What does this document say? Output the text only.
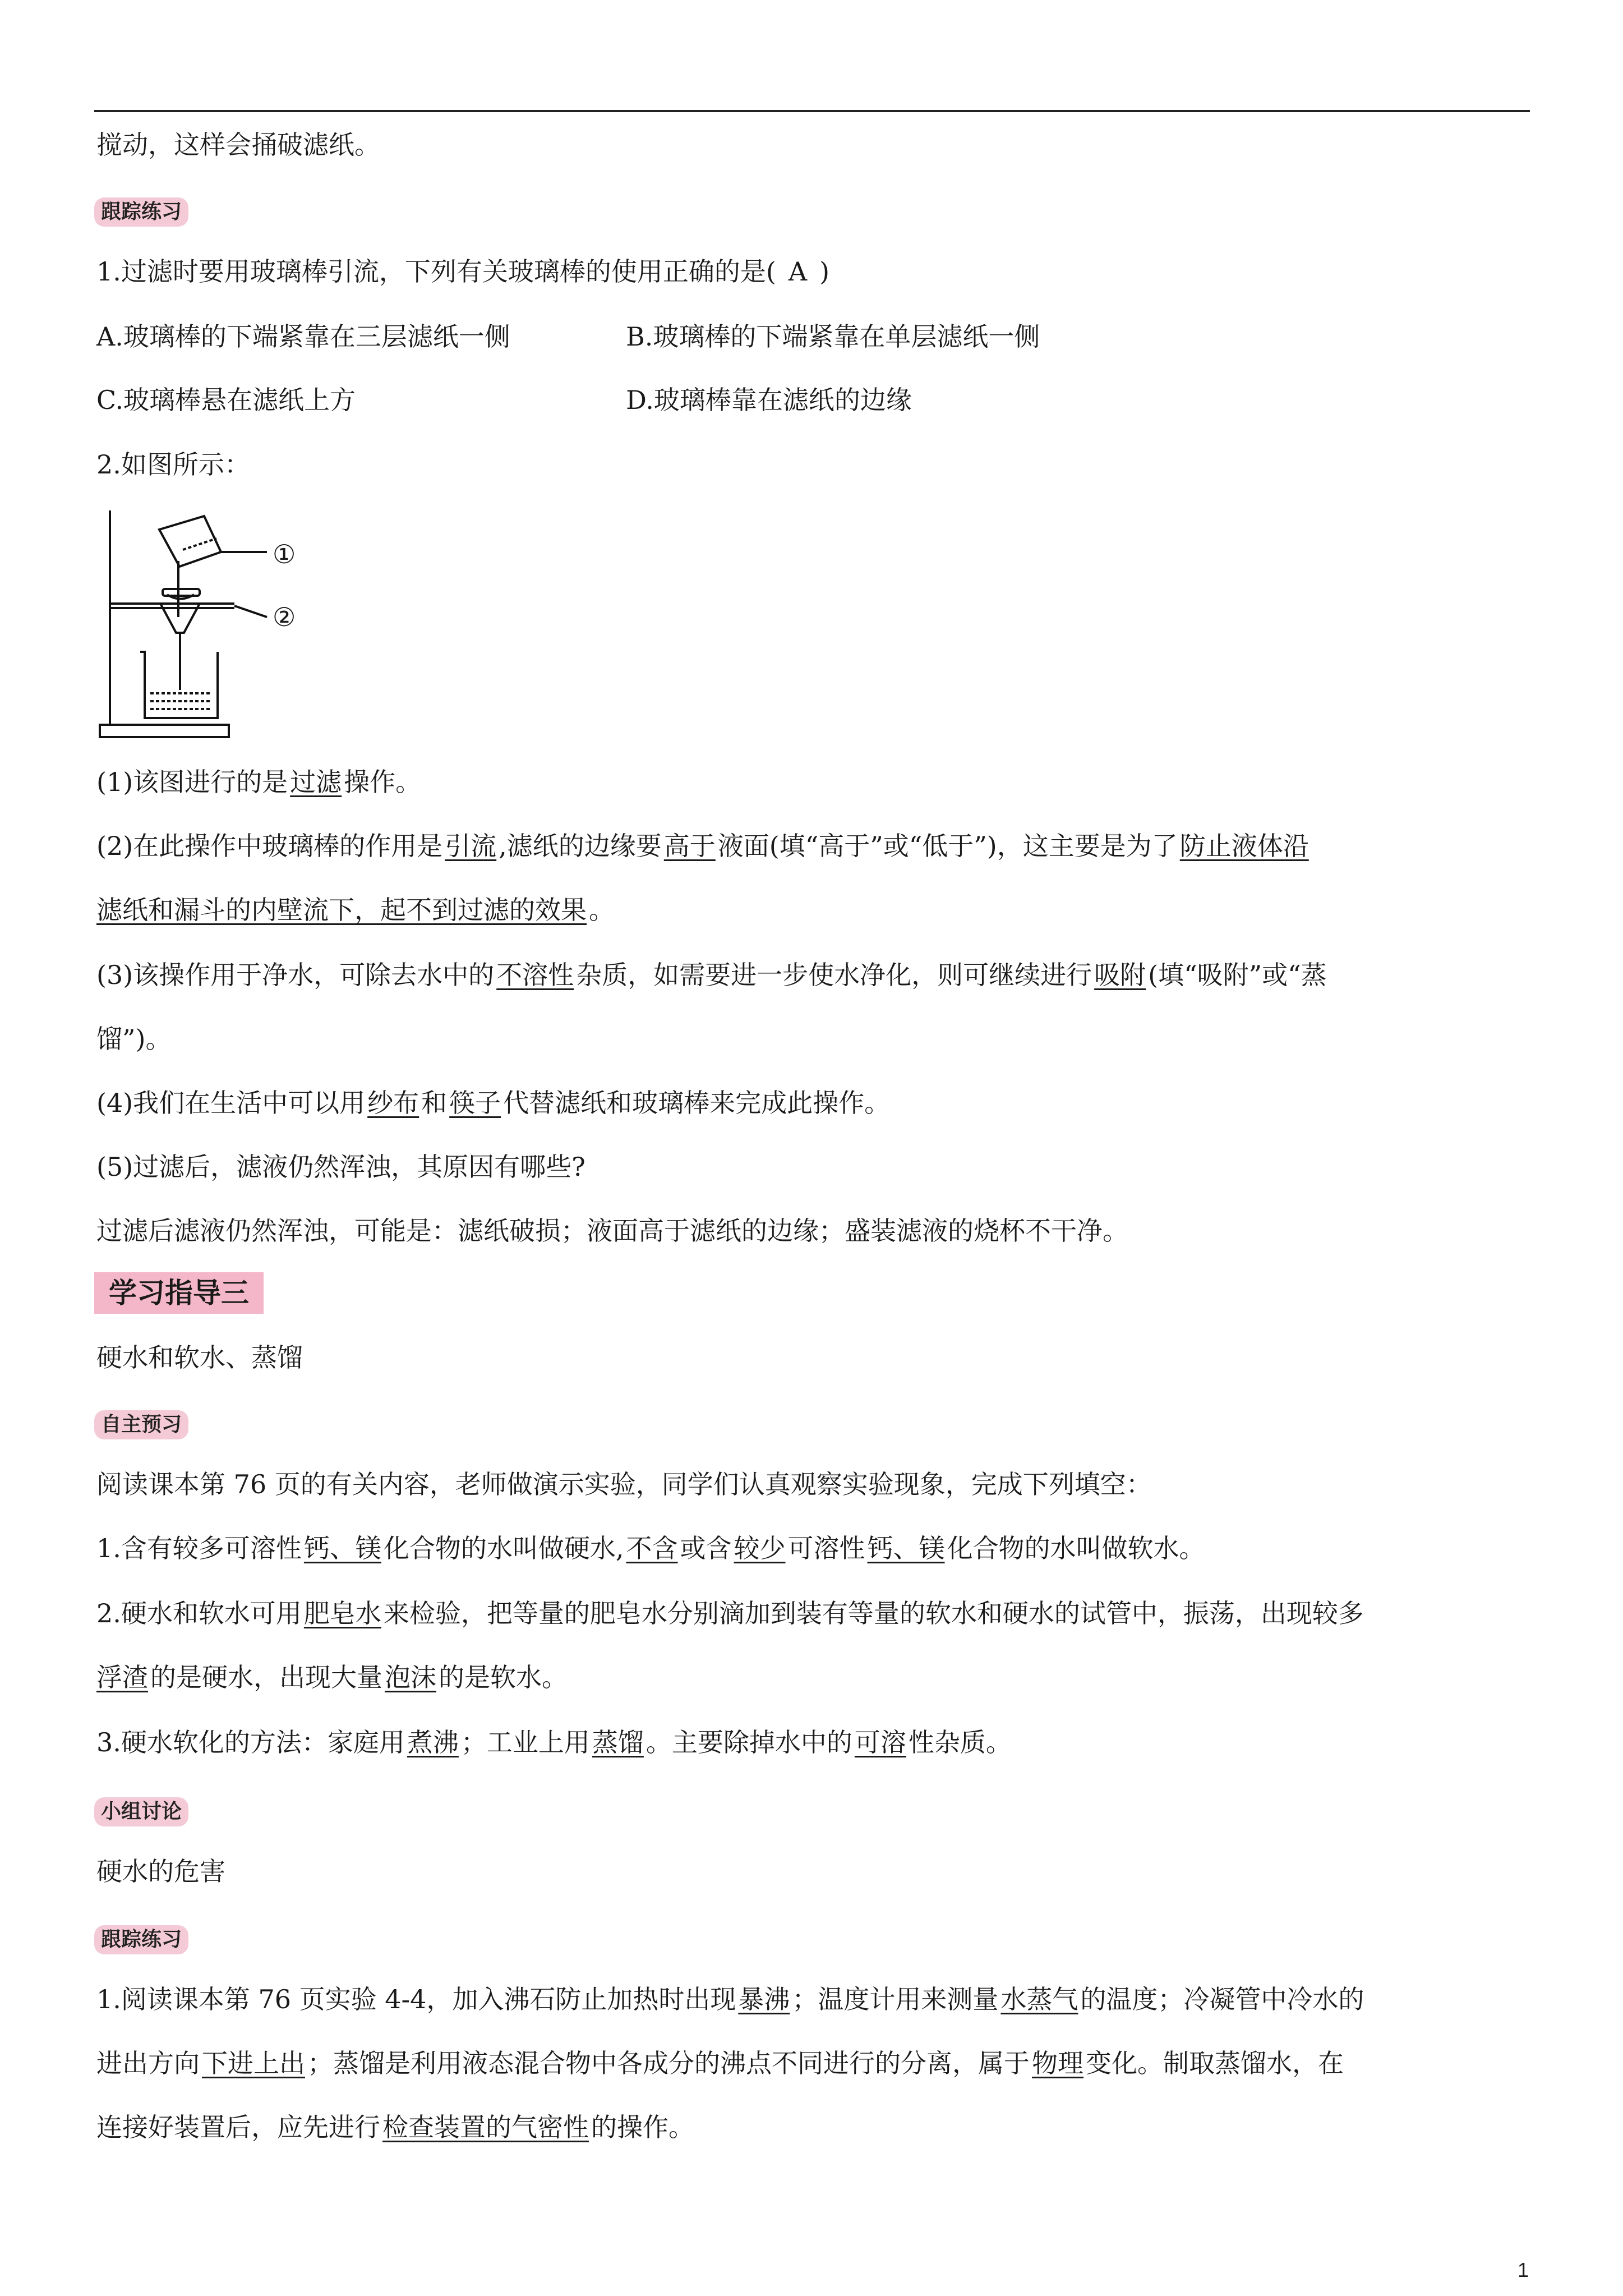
搅动，这样会捅破滤纸。
跟踪练习
1.过滤时要用玻璃棒引流，下列有关玻璃棒的使用正确的是( A )
A.玻璃棒的下端紧靠在三层滤纸一侧	B.玻璃棒的下端紧靠在单层滤纸一侧
C.玻璃棒悬在滤纸上方	D.玻璃棒靠在滤纸的边缘
2.如图所示：
①
②
(1)该图进行的是过滤操作。
(2)在此操作中玻璃棒的作用是引流,滤纸的边缘要高于液面(填“高于”或“低于”)，这主要是为了防止液体沿
滤纸和漏斗的内壁流下，起不到过滤的效果。
(3)该操作用于净水，可除去水中的不溶性杂质，如需要进一步使水净化，则可继续进行吸附(填“吸附”或“蒸
馏”)。
(4)我们在生活中可以用纱布和筷子代替滤纸和玻璃棒来完成此操作。
(5)过滤后，滤液仍然浑浊，其原因有哪些?
过滤后滤液仍然浑浊，可能是：滤纸破损；液面高于滤纸的边缘；盛装滤液的烧杯不干净。
学习指导三
硬水和软水、蒸馏
自主预习
阅读课本第 76 页的有关内容，老师做演示实验，同学们认真观察实验现象，完成下列填空：
1.含有较多可溶性钙、镁化合物的水叫做硬水,不含或含较少可溶性钙、镁化合物的水叫做软水。
2.硬水和软水可用肥皂水来检验，把等量的肥皂水分别滴加到装有等量的软水和硬水的试管中，振荡，出现较多
浮渣的是硬水，出现大量泡沫的是软水。
3.硬水软化的方法：家庭用煮沸；工业上用蒸馏。主要除掉水中的可溶性杂质。
小组讨论
硬水的危害
跟踪练习
1.阅读课本第 76 页实验 4-4，加入沸石防止加热时出现暴沸；温度计用来测量水蒸气的温度；冷凝管中冷水的
进出方向下进上出；蒸馏是利用液态混合物中各成分的沸点不同进行的分离，属于物理变化。制取蒸馏水，在
连接好装置后，应先进行检查装置的气密性的操作。
1
